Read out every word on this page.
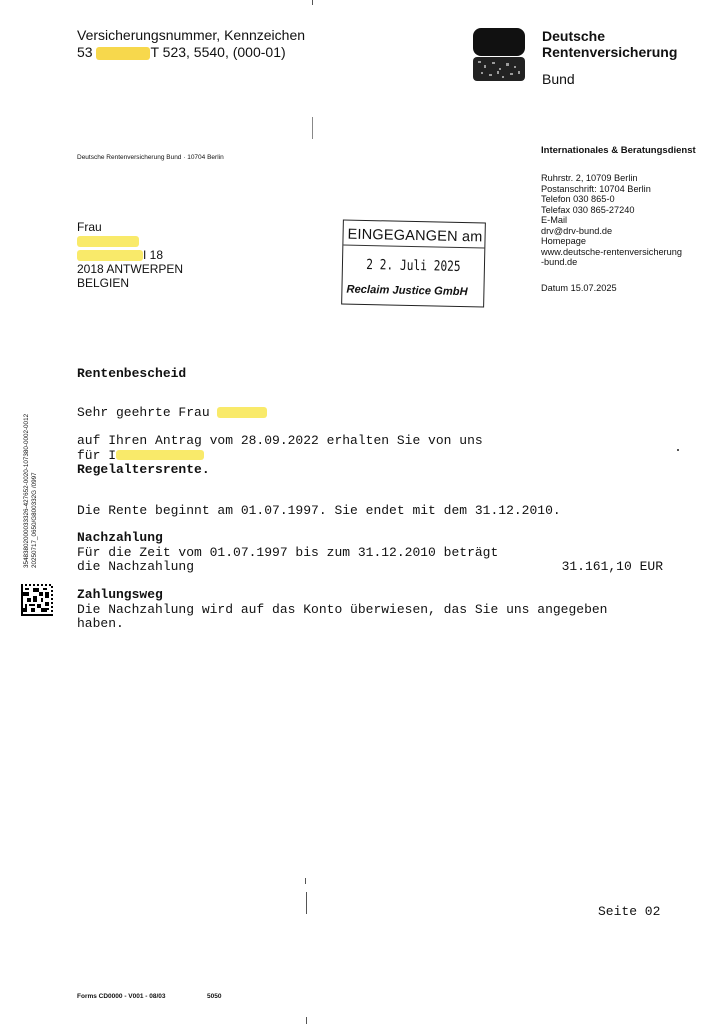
Versicherungsnummer, Kennzeichen
53	T 523, 5540, (000-01)
Deutsche
Rentenversicherung
Bund
Deutsche Rentenversicherung Bund · 10704 Berlin
Internationales & Beratungsdienst
Ruhrstr. 2, 10709 Berlin
Postanschrift: 10704 Berlin
Telefon 030 865-0
Telefax 030 865-27240
E-Mail
drv@drv-bund.de
Homepage
www.deutsche-rentenversicherung
-bund.de
Datum 15.07.2025
Frau
I 18
2018 ANTWERPEN
BELGIEN
EINGEGANGEN am
2 2. Juli 2025
Reclaim Justice GmbH
35483802000033326-427652-0020-107380-0002-0012 20250717_0650/G800332G /0997
Rentenbescheid
Sehr geehrte Frau
auf Ihren Antrag vom 28.09.2022 erhalten Sie von uns
für I
Regelaltersrente.
Die Rente beginnt am 01.07.1997. Sie endet mit dem 31.12.2010.
Nachzahlung
Für die Zeit vom 01.07.1997 bis zum 31.12.2010 beträgt
die Nachzahlung	31.161,10 EUR
Zahlungsweg
Die Nachzahlung wird auf das Konto überwiesen, das Sie uns angegeben
haben.
Seite 02
Forms CD0000 - V001 - 08/03	5050
